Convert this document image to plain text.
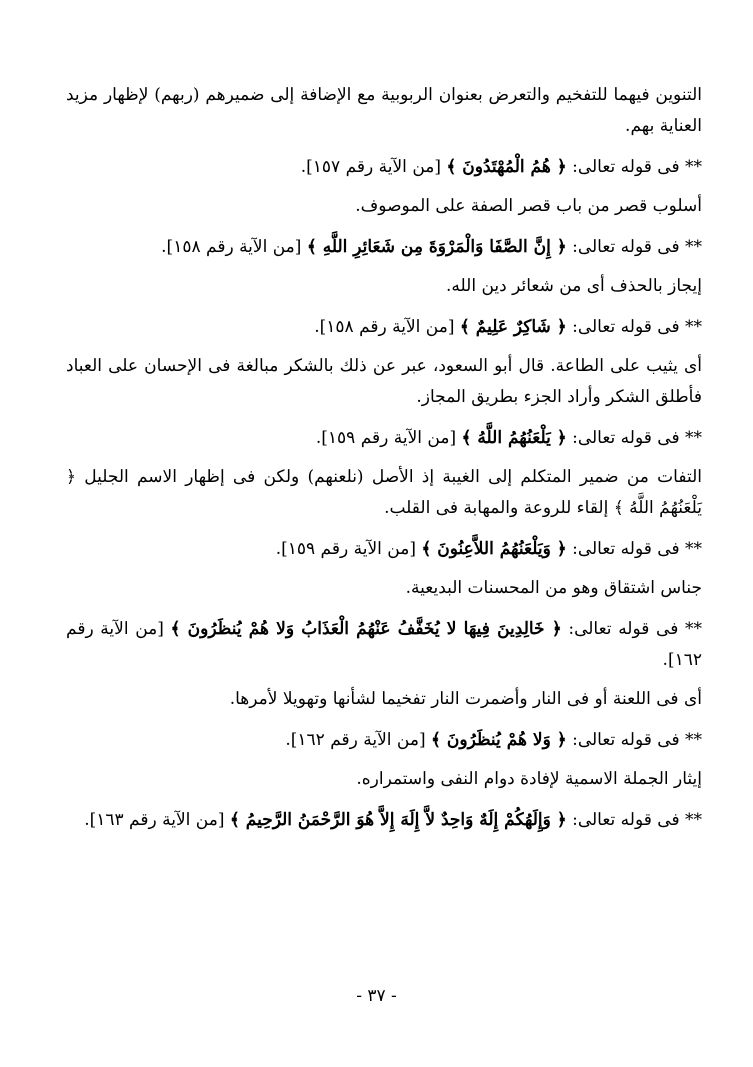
التنوين فيهما للتفخيم والتعرض بعنوان الربوبية مع الإضافة إلى ضميرهم (ربهم) لإظهار مزيد العناية بهم.

** فى قوله تعالى: ﴿ هُمُ الْمُهْتَدُونَ ﴾ [من الآية رقم ١٥٧].

أسلوب قصر من باب قصر الصفة على الموصوف.

** فى قوله تعالى: ﴿ إِنَّ الصَّفَا وَالْمَرْوَةَ مِن شَعَائِرِ اللَّهِ ﴾ [من الآية رقم ١٥٨].

إيجاز بالحذف أى من شعائر دين الله.

** فى قوله تعالى: ﴿ شَاكِرٌ عَلِيمٌ ﴾ [من الآية رقم ١٥٨].

أى يثيب على الطاعة. قال أبو السعود، عبر عن ذلك بالشكر مبالغة فى الإحسان على العباد فأطلق الشكر وأراد الجزء بطريق المجاز.

** فى قوله تعالى: ﴿ يَلْعَنُهُمُ اللَّهُ ﴾ [من الآية رقم ١٥٩].

التفات من ضمير المتكلم إلى الغيبة إذ الأصل (نلعنهم) ولكن فى إظهار الاسم الجليل ﴿ يَلْعَنُهُمُ اللَّهُ ﴾ إلقاء للروعة والمهابة فى القلب.

** فى قوله تعالى: ﴿ وَيَلْعَنُهُمُ اللاَّعِنُونَ ﴾ [من الآية رقم ١٥٩].

جناس اشتقاق وهو من المحسنات البديعية.

** فى قوله تعالى: ﴿ خَالِدِينَ فِيهَا لا يُخَفَّفُ عَنْهُمُ الْعَذَابُ وَلا هُمْ يُنظَرُونَ ﴾ [من الآية رقم ١٦٢].

أى فى اللعنة أو فى النار وأضمرت النار تفخيما لشأنها وتهويلا لأمرها.

** فى قوله تعالى: ﴿ وَلا هُمْ يُنظَرُونَ ﴾ [من الآية رقم ١٦٢].

إيثار الجملة الاسمية لإفادة دوام النفى واستمراره.

** فى قوله تعالى: ﴿ وَإِلَهُكُمْ إِلَهٌ وَاحِدٌ لاَّ إِلَهَ إِلاَّ هُوَ الرَّحْمَنُ الرَّحِيمُ ﴾ [من الآية رقم ١٦٣].

- ٣٧ -
